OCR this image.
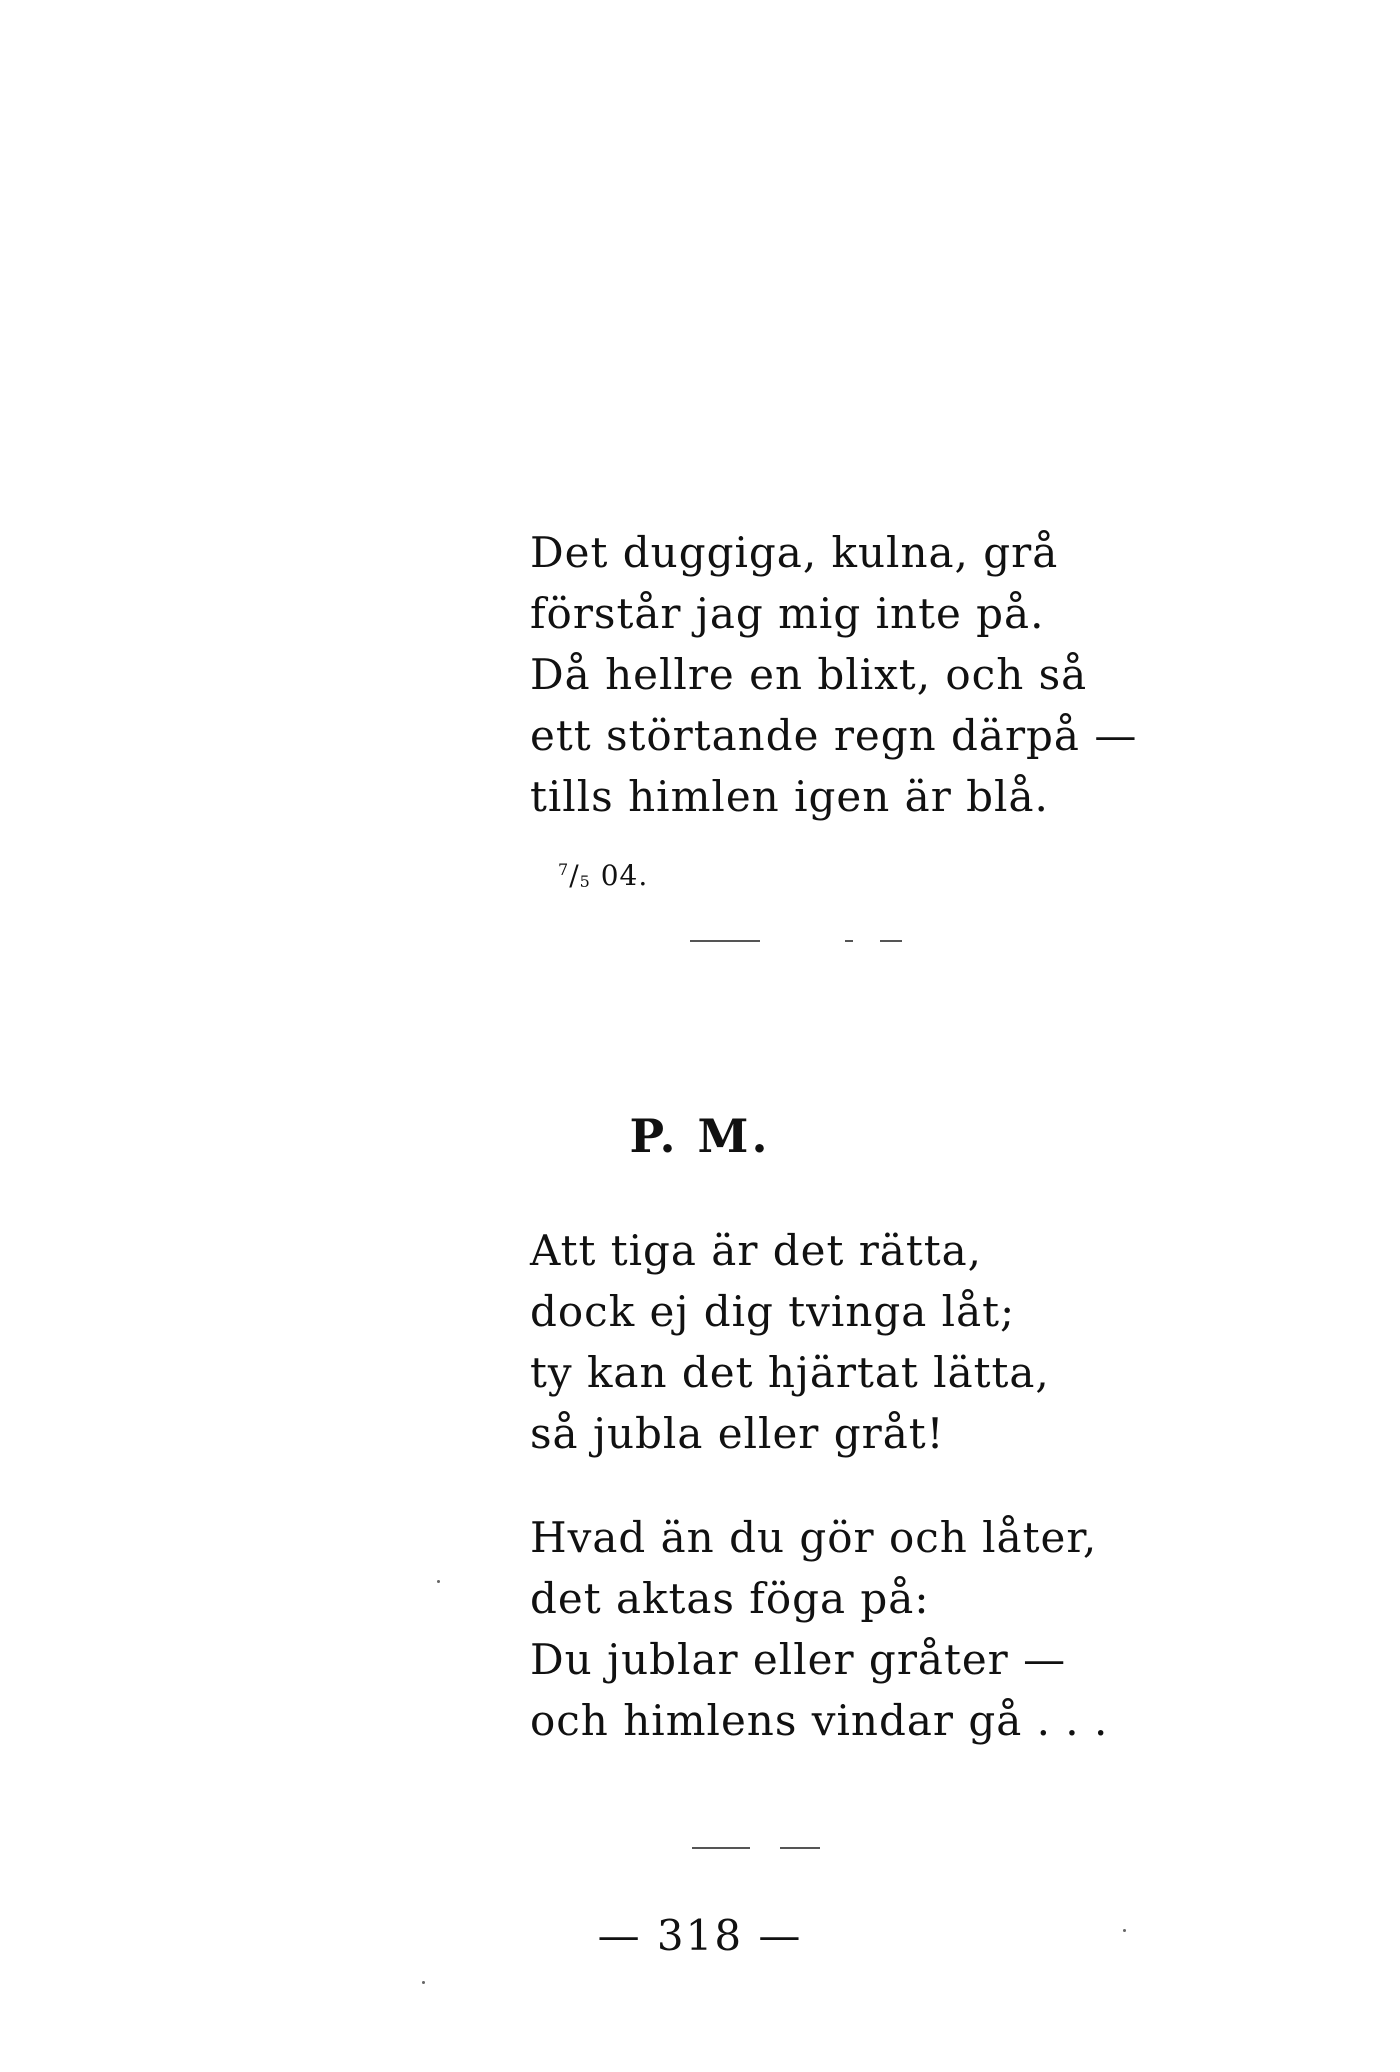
Det duggiga, kulna, grå
förstår jag mig inte på.
Då hellre en blixt, och så
ett störtande regn därpå —
tills himlen igen är blå.
$^7/_5$ 04.
P. M.
Att tiga är det rätta,
dock ej dig tvinga låt;
ty kan det hjärtat lätta,
så jubla eller gråt!
Hvad än du gör och låter,
det aktas föga på:
Du jublar eller gråter —
och himlens vindar gå . . .
— 318 —
